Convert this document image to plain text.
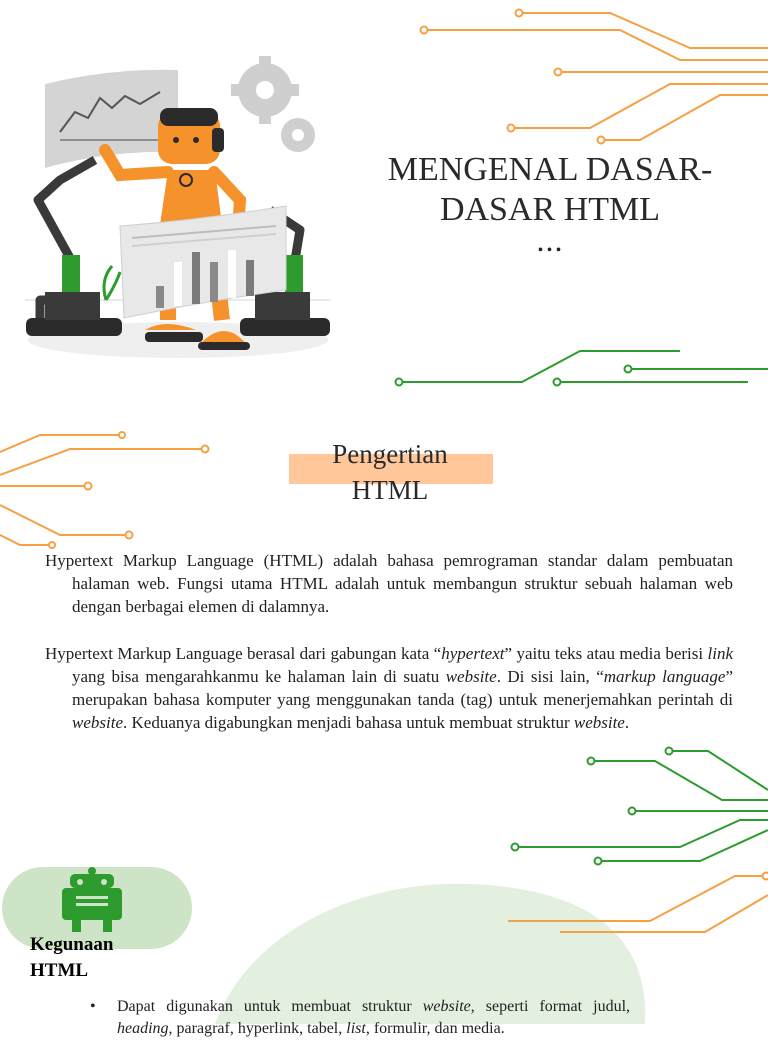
MENGENAL DASAR-DASAR HTML
...
Pengertian HTML

Hypertext Markup Language (HTML) adalah bahasa pemrograman standar dalam pembuatan halaman web. Fungsi utama HTML adalah untuk membangun struktur sebuah halaman web dengan berbagai elemen di dalamnya.

Hypertext Markup Language berasal dari gabungan kata “hypertext” yaitu teks atau media berisi link yang bisa mengarahkanmu ke halaman lain di suatu website. Di sisi lain, “markup language” merupakan bahasa komputer yang menggunakan tanda (tag) untuk menerjemahkan perintah di website. Keduanya digabungkan menjadi bahasa untuk membuat struktur website.

Kegunaan HTML
• Dapat digunakan untuk membuat struktur website, seperti format judul, heading, paragraf, hyperlink, tabel, list, formulir, dan media.
